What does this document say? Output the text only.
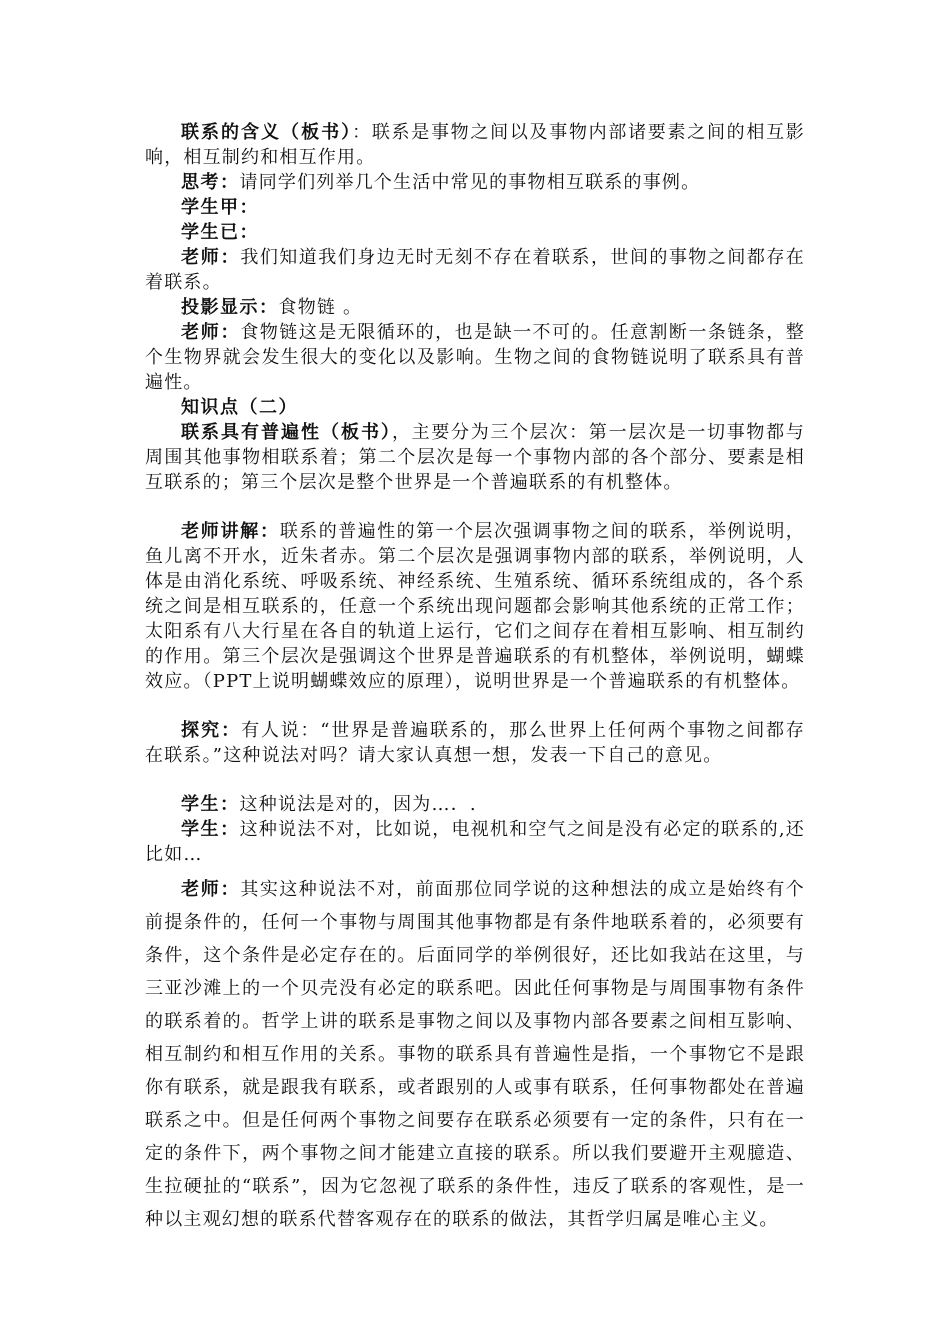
联系的含义（板书）：联系是事物之间以及事物内部诸要素之间的相互影响，相互制约和相互作用。

思考：请同学们列举几个生活中常见的事物相互联系的事例。

学生甲：

学生已：

老师：我们知道我们身边无时无刻不存在着联系，世间的事物之间都存在着联系。

投影显示：食物链 。

老师：食物链这是无限循环的，也是缺一不可的。任意割断一条链条，整个生物界就会发生很大的变化以及影响。生物之间的食物链说明了联系具有普遍性。

知识点（二）

联系具有普遍性（板书），主要分为三个层次：第一层次是一切事物都与周围其他事物相联系着；第二个层次是每一个事物内部的各个部分、要素是相互联系的；第三个层次是整个世界是一个普遍联系的有机整体。

老师讲解：联系的普遍性的第一个层次强调事物之间的联系，举例说明，鱼儿离不开水，近朱者赤。第二个层次是强调事物内部的联系，举例说明，人体是由消化系统、呼吸系统、神经系统、生殖系统、循环系统组成的，各个系统之间是相互联系的，任意一个系统出现问题都会影响其他系统的正常工作；太阳系有八大行星在各自的轨道上运行，它们之间存在着相互影响、相互制约的作用。第三个层次是强调这个世界是普遍联系的有机整体，举例说明，蝴蝶效应。（PPT上说明蝴蝶效应的原理），说明世界是一个普遍联系的有机整体。

探究：有人说：“世界是普遍联系的，那么世界上任何两个事物之间都存在联系。”这种说法对吗？请大家认真想一想，发表一下自己的意见。

学生：这种说法是对的，因为…．.

学生：这种说法不对，比如说，电视机和空气之间是没有必定的联系的,还比如…

老师：其实这种说法不对，前面那位同学说的这种想法的成立是始终有个前提条件的，任何一个事物与周围其他事物都是有条件地联系着的，必须要有条件，这个条件是必定存在的。后面同学的举例很好，还比如我站在这里，与三亚沙滩上的一个贝壳没有必定的联系吧。因此任何事物是与周围事物有条件的联系着的。哲学上讲的联系是事物之间以及事物内部各要素之间相互影响、相互制约和相互作用的关系。事物的联系具有普遍性是指，一个事物它不是跟你有联系，就是跟我有联系，或者跟别的人或事有联系，任何事物都处在普遍联系之中。但是任何两个事物之间要存在联系必须要有一定的条件，只有在一定的条件下，两个事物之间才能建立直接的联系。所以我们要避开主观臆造、生拉硬扯的“联系”，因为它忽视了联系的条件性，违反了联系的客观性，是一种以主观幻想的联系代替客观存在的联系的做法，其哲学归属是唯心主义。
